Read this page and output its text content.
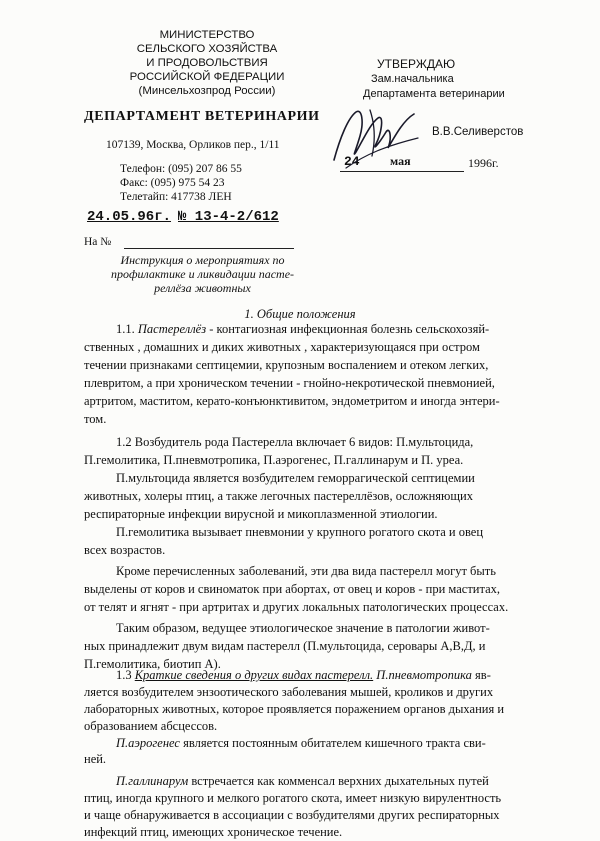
МИНИСТЕРСТВО
СЕЛЬСКОГО ХОЗЯЙСТВА
И ПРОДОВОЛЬСТВИЯ
РОССИЙСКОЙ ФЕДЕРАЦИИ
(Минсельхозпрод России)
ДЕПАРТАМЕНТ ВЕТЕРИНАРИИ
107139, Москва, Орликов пер., 1/11
Телефон: (095) 207 86 55
Факс: (095) 975 54 23
Телетайп: 417738 ЛЕН
24.05.96г. № 13-4-2/612
На №
Инструкция о мероприятиях по
профилактике и ликвидации пасте-
реллёза животных
УТВЕРЖДАЮ
Зам.начальника
Департамента ветеринарии
В.В.Селиверстов
24	мая	1996г.
1. Общие положения
1.1. Пастереллёз - контагиозная инфекционная болезнь сельскохозяй-
ственных , домашних и диких животных , характеризующаяся при остром
течении признаками септицемии, крупозным воспалением и отеком легких,
плевритом, а при хроническом течении - гнойно-некротической пневмонией,
артритом, маститом, керато-конъюнктивитом, эндометритом и иногда энтери-
том.
1.2 Возбудитель рода Пастерелла включает 6 видов: П.мультоцида,
П.гемолитика, П.пневмотропика, П.аэрогенес, П.галлинарум и П. уреа.
П.мультоцида является возбудителем геморрагической септицемии
животных, холеры птиц, а также легочных пастереллёзов, осложняющих
респираторные инфекции вирусной и микоплазменной этиологии.
П.гемолитика вызывает пневмонии у крупного рогатого скота и овец
всех возрастов.
Кроме перечисленных заболеваний, эти два вида пастерелл могут быть
выделены от коров и свиноматок при абортах, от овец и коров - при маститах,
от телят и ягнят - при артритах и других локальных патологических процессах.
Таким образом, ведущее этиологическое значение в патологии живот-
ных принадлежит двум видам пастерелл (П.мультоцида, серовары А,В,Д, и
П.гемолитика, биотип А).
1.3 Краткие сведения о других видах пастерелл. П.пневмотропика яв-
ляется возбудителем энзоотического заболевания мышей, кроликов и других
лабораторных животных, которое проявляется поражением органов дыхания и
образованием абсцессов.
П.аэрогенес является постоянным обитателем кишечного тракта сви-
ней.
П.галлинарум встречается как комменсал верхних дыхательных путей
птиц, иногда крупного и мелкого рогатого скота, имеет низкую вирулентность
и чаще обнаруживается в ассоциации с возбудителями других респираторных
инфекций птиц, имеющих хроническое течение.
